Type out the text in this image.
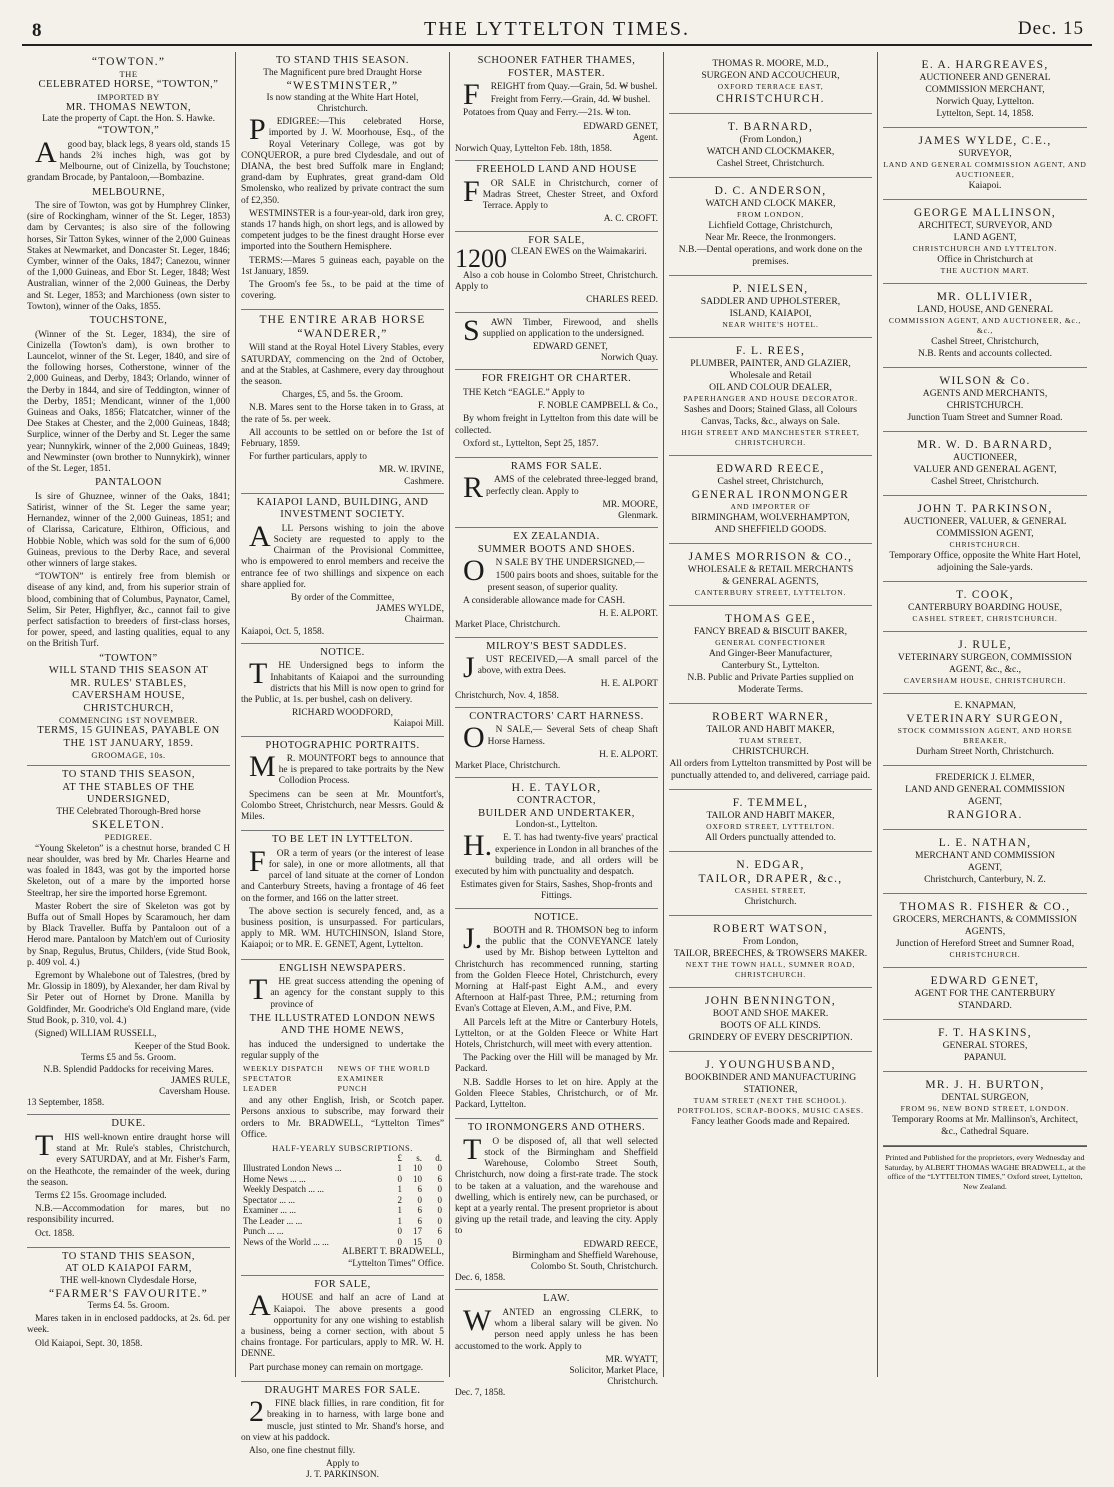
8	THE LYTTELTON TIMES.	Dec. 15
“TOWTON.”
THE
CELEBRATED HORSE, “TOWTON,”
IMPORTED BY
MR. THOMAS NEWTON,
Late the property of Capt. the Hon. S. Hawke.
“TOWTON,”
Agood bay, black legs, 8 years old, stands 15 hands 2¾ inches high, was got by Melbourne, out of Cinizella, by Touchstone; grandam Brocade, by Pantaloon,—Bombazine.
MELBOURNE,
The sire of Towton, was got by Humphrey Clinker, (sire of Rockingham, winner of the St. Leger, 1853) dam by Cervantes; is also sire of the following horses, Sir Tatton Sykes, winner of the 2,000 Guineas Stakes at Newmarket, and Doncaster St. Leger, 1846; Cymber, winner of the Oaks, 1847; Canezou, winner of the 1,000 Guineas, and Ebor St. Leger, 1848; West Australian, winner of the 2,000 Guineas, the Derby and St. Leger, 1853; and Marchioness (own sister to Towton), winner of the Oaks, 1855.
TOUCHSTONE,
(Winner of the St. Leger, 1834), the sire of Cinizella (Towton's dam), is own brother to Launcelot, winner of the St. Leger, 1840, and sire of the following horses, Cotherstone, winner of the 2,000 Guineas, and Derby, 1843; Orlando, winner of the Derby in 1844, and sire of Teddington, winner of the Derby, 1851; Mendicant, winner of the 1,000 Guineas and Oaks, 1856; Flatcatcher, winner of the Dee Stakes at Chester, and the 2,000 Guineas, 1848; Surplice, winner of the Derby and St. Leger the same year; Nunnykirk, winner of the 2,000 Guineas, 1849; and Newminster (own brother to Nunnykirk), winner of the St. Leger, 1851.
PANTALOON
Is sire of Ghuznee, winner of the Oaks, 1841; Satirist, winner of the St. Leger the same year; Hernandez, winner of the 2,000 Guineas, 1851; and of Clarissa, Caricature, Elthiron, Officious, and Hobbie Noble, which was sold for the sum of 6,000 Guineas, previous to the Derby Race, and several other winners of large stakes.
“TOWTON” is entirely free from blemish or disease of any kind, and, from his superior strain of blood, combining that of Columbus, Paynator, Camel, Selim, Sir Peter, Highflyer, &c., cannot fail to give perfect satisfaction to breeders of first-class horses, for power, speed, and lasting qualities, equal to any on the British Turf.
“TOWTON”
WILL STAND THIS SEASON AT
MR. RULES' STABLES,
CAVERSHAM HOUSE, CHRISTCHURCH,
COMMENCING 1ST NOVEMBER.
TERMS, 15 GUINEAS, PAYABLE ON
THE 1ST JANUARY, 1859.
GROOMAGE, 10s.
TO STAND THIS SEASON,
AT THE STABLES OF THE
UNDERSIGNED,
THE Celebrated Thorough-Bred horse
SKELETON.
PEDIGREE.
“Young Skeleton” is a chestnut horse, branded C H near shoulder, was bred by Mr. Charles Hearne and was foaled in 1843, was got by the imported horse Skeleton, out of a mare by the imported horse Steeltrap, her sire the imported horse Egremont.
Master Robert the sire of Skeleton was got by Buffa out of Small Hopes by Scaramouch, her dam by Black Traveller. Buffa by Pantaloon out of a Herod mare. Pantaloon by Match'em out of Curiosity by Snap, Regulus, Brutus, Childers, (vide Stud Book, p. 409 vol. 4.)
Egremont by Whalebone out of Talestres, (bred by Mr. Glossip in 1809), by Alexander, her dam Rival by Sir Peter out of Hornet by Drone. Manilla by Goldfinder, Mr. Goodriche's Old England mare, (vide Stud Book, p. 310, vol. 4.)
(Signed) WILLIAM RUSSELL,
Keeper of the Stud Book.
Terms £5 and 5s. Groom.
N.B. Splendid Paddocks for receiving Mares.
JAMES RULE,
Caversham House.
13 September, 1858.
DUKE.
THIS well-known entire draught horse will stand at Mr. Rule's stables, Christchurch, every SATURDAY, and at Mr. Fisher's Farm, on the Heathcote, the remainder of the week, during the season.
Terms £2 15s. Groomage included.
N.B.—Accommodation for mares, but no responsibility incurred.
Oct. 1858.
TO STAND THIS SEASON,
AT OLD KAIAPOI FARM,
THE well-known Clydesdale Horse,
“FARMER'S FAVOURITE.”
Terms £4. 5s. Groom.
Mares taken in in enclosed paddocks, at 2s. 6d. per week.
Old Kaiapoi, Sept. 30, 1858.
TO STAND THIS SEASON.
The Magnificent pure bred Draught Horse
“WESTMINSTER,”
Is now standing at the White Hart Hotel, Christchurch.
PEDIGREE:—This celebrated Horse, imported by J. W. Moorhouse, Esq., of the Royal Veterinary College, was got by CONQUEROR, a pure bred Clydesdale, and out of DIANA, the best bred Suffolk mare in England; grand-dam by Euphrates, great grand-dam Old Smolensko, who realized by private contract the sum of £2,350.
WESTMINSTER is a four-year-old, dark iron grey, stands 17 hands high, on short legs, and is allowed by competent judges to be the finest draught Horse ever imported into the Southern Hemisphere.
TERMS:—Mares 5 guineas each, payable on the 1st January, 1859.
The Groom's fee 5s., to be paid at the time of covering.
THE ENTIRE ARAB HORSE
“WANDERER,”
Will stand at the Royal Hotel Livery Stables, every SATURDAY, commencing on the 2nd of October, and at the Stables, at Cashmere, every day throughout the season.
Charges, £5, and 5s. the Groom.
N.B. Mares sent to the Horse taken in to Grass, at the rate of 5s. per week.
All accounts to be settled on or before the 1st of February, 1859.
For further particulars, apply to
MR. W. IRVINE,
Cashmere.
KAIAPOI LAND, BUILDING, AND
INVESTMENT SOCIETY.
ALL Persons wishing to join the above Society are requested to apply to the Chairman of the Provisional Committee, who is empowered to enrol members and receive the entrance fee of two shillings and sixpence on each share applied for.
By order of the Committee,
JAMES WYLDE,
Chairman.
Kaiapoi, Oct. 5, 1858.
NOTICE.
THE Undersigned begs to inform the Inhabitants of Kaiapoi and the surrounding districts that his Mill is now open to grind for the Public, at 1s. per bushel, cash on delivery.
RICHARD WOODFORD,
Kaiapoi Mill.
PHOTOGRAPHIC PORTRAITS.
MR. MOUNTFORT begs to announce that he is prepared to take portraits by the New Collodion Process.
Specimens can be seen at Mr. Mountfort's, Colombo Street, Christchurch, near Messrs. Gould & Miles.
TO BE LET IN LYTTELTON.
FOR a term of years (or the interest of lease for sale), in one or more allotments, all that parcel of land situate at the corner of London and Canterbury Streets, having a frontage of 46 feet on the former, and 166 on the latter street.
The above section is securely fenced, and, as a business position, is unsurpassed. For particulars, apply to MR. WM. HUTCHINSON, Island Store, Kaiapoi; or to MR. E. GENET, Agent, Lyttelton.
ENGLISH NEWSPAPERS.
THE great success attending the opening of an agency for the constant supply to this province of
THE ILLUSTRATED LONDON NEWS
AND THE HOME NEWS,
has induced the undersigned to undertake the regular supply of the
WEEKLY DISPATCH	NEWS OF THE WORLD
SPECTATOR	EXAMINER
LEADER	PUNCH
and any other English, Irish, or Scotch paper. Persons anxious to subscribe, may forward their orders to Mr. BRADWELL, “Lyttelton Times” Office.
HALF-YEARLY SUBSCRIPTIONS.
	£	s.	d.
Illustrated London News ...	1	10	0
Home News ... ...	0	10	6
Weekly Despatch ... ...	1	6	0
Spectator ... ...	2	0	0
Examiner ... ...	1	6	0
The Leader ... ...	1	6	0
Punch ... ...	0	17	6
News of the World ... ...	0	15	0
ALBERT T. BRADWELL,
“Lyttelton Times” Office.
FOR SALE,
AHOUSE and half an acre of Land at Kaiapoi. The above presents a good opportunity for any one wishing to establish a business, being a corner section, with about 5 chains frontage. For particulars, apply to MR. W. H. DENNE.
Part purchase money can remain on mortgage.
DRAUGHT MARES FOR SALE.
2FINE black fillies, in rare condition, fit for breaking in to harness, with large bone and muscle, just stinted to Mr. Shand's horse, and on view at his paddock.
Also, one fine chestnut filly.
Apply to
J. T. PARKINSON.
SCHOONER FATHER THAMES,
FOSTER, MASTER.
FREIGHT from Quay.—Grain, 5d. ₩ bushel.
Freight from Ferry.—Grain, 4d. ₩ bushel.
Potatoes from Quay and Ferry.—21s. ₩ ton.
EDWARD GENET,
Agent.
Norwich Quay, Lyttelton Feb. 18th, 1858.
FREEHOLD LAND AND HOUSE
FOR SALE in Christchurch, corner of Madras Street, Chester Street, and Oxford Terrace. Apply to
A. C. CROFT.
FOR SALE,
1200 CLEAN EWES on the Waimakariri.
Also a cob house in Colombo Street, Christchurch. Apply to
CHARLES REED.
SAWN Timber, Firewood, and shells supplied on application to the undersigned.
EDWARD GENET,
Norwich Quay.
FOR FREIGHT OR CHARTER.
THE Ketch “EAGLE.” Apply to
F. NOBLE CAMPBELL & Co.,
By whom freight in Lyttelton from this date will be collected.
Oxford st., Lyttelton, Sept 25, 1857.
RAMS FOR SALE.
RAMS of the celebrated three-legged brand, perfectly clean. Apply to
MR. MOORE,
Glenmark.
EX ZEALANDIA.
SUMMER BOOTS AND SHOES.
ON SALE BY THE UNDERSIGNED,—
1500 pairs boots and shoes, suitable for the present season, of superior quality.
A considerable allowance made for CASH.
H. E. ALPORT.
Market Place, Christchurch.
MILROY'S BEST SADDLES.
JUST RECEIVED,—A small parcel of the above, with extra Dees.
H. E. ALPORT
Christchurch, Nov. 4, 1858.
CONTRACTORS' CART HARNESS.
ON SALE,— Several Sets of cheap Shaft Horse Harness.
H. E. ALPORT.
Market Place, Christchurch.
H. E. TAYLOR,
CONTRACTOR,
BUILDER AND UNDERTAKER,
London-st., Lyttelton.
H.E. T. has had twenty-five years' practical experience in London in all branches of the building trade, and all orders will be executed by him with punctuality and despatch.
Estimates given for Stairs, Sashes, Shop-fronts and Fittings.
NOTICE.
J.BOOTH and R. THOMSON beg to inform the public that the CONVEYANCE lately used by Mr. Bishop between Lyttelton and Christchurch has recommenced running, starting from the Golden Fleece Hotel, Christchurch, every Morning at Half-past Eight A.M., and every Afternoon at Half-past Three, P.M.; returning from Evan's Cottage at Eleven, A.M., and Five, P.M.
All Parcels left at the Mitre or Canterbury Hotels, Lyttelton, or at the Golden Fleece or White Hart Hotels, Christchurch, will meet with every attention.
The Packing over the Hill will be managed by Mr. Packard.
N.B. Saddle Horses to let on hire. Apply at the Golden Fleece Stables, Christchurch, or of Mr. Packard, Lyttelton.
TO IRONMONGERS AND OTHERS.
TO be disposed of, all that well selected stock of the Birmingham and Sheffield Warehouse, Colombo Street South, Christchurch, now doing a first-rate trade. The stock to be taken at a valuation, and the warehouse and dwelling, which is entirely new, can be purchased, or kept at a yearly rental. The present proprietor is about giving up the retail trade, and leaving the city. Apply to
EDWARD REECE,
Birmingham and Sheffield Warehouse,
Colombo St. South, Christchurch.
Dec. 6, 1858.
LAW.
WANTED an engrossing CLERK, to whom a liberal salary will be given. No person need apply unless he has been accustomed to the work. Apply to
MR. WYATT,
Solicitor, Market Place,
Christchurch.
Dec. 7, 1858.
THOMAS R. MOORE, M.D.,
SURGEON AND ACCOUCHEUR,
OXFORD TERRACE EAST,
CHRISTCHURCH.
T. BARNARD,
(From London,)
WATCH AND CLOCKMAKER,
Cashel Street, Christchurch.
D. C. ANDERSON,
WATCH AND CLOCK MAKER,
FROM LONDON,
Lichfield Cottage, Christchurch,
Near Mr. Reece, the Ironmongers.
N.B.—Dental operations, and work done on the premises.
P. NIELSEN,
SADDLER AND UPHOLSTERER,
ISLAND, KAIAPOI,
NEAR WHITE'S HOTEL.
F. L. REES,
PLUMBER, PAINTER, AND GLAZIER,
Wholesale and Retail
OIL AND COLOUR DEALER,
PAPERHANGER AND HOUSE DECORATOR.
Sashes and Doors; Stained Glass, all Colours Canvas, Tacks, &c., always on Sale.
HIGH STREET AND MANCHESTER STREET, CHRISTCHURCH.
EDWARD REECE,
Cashel street, Christchurch,
GENERAL IRONMONGER
AND IMPORTER OF
BIRMINGHAM, WOLVERHAMPTON,
AND SHEFFIELD GOODS.
JAMES MORRISON & CO.,
WHOLESALE & RETAIL MERCHANTS
& GENERAL AGENTS,
CANTERBURY STREET, LYTTELTON.
THOMAS GEE,
FANCY BREAD & BISCUIT BAKER,
GENERAL CONFECTIONER
And Ginger-Beer Manufacturer,
Canterbury St., Lyttelton.
N.B. Public and Private Parties supplied on Moderate Terms.
ROBERT WARNER,
TAILOR AND HABIT MAKER,
TUAM STREET,
CHRISTCHURCH.
All orders from Lyttelton transmitted by Post will be punctually attended to, and delivered, carriage paid.
F. TEMMEL,
TAILOR AND HABIT MAKER,
OXFORD STREET, LYTTELTON.
All Orders punctually attended to.
N. EDGAR,
TAILOR, DRAPER, &c.,
CASHEL STREET,
Christchurch.
ROBERT WATSON,
From London,
TAILOR, BREECHES, & TROWSERS MAKER.
NEXT THE TOWN HALL, SUMNER ROAD, CHRISTCHURCH.
JOHN BENNINGTON,
BOOT AND SHOE MAKER.
BOOTS OF ALL KINDS.
GRINDERY OF EVERY DESCRIPTION.
J. YOUNGHUSBAND,
BOOKBINDER AND MANUFACTURING STATIONER,
TUAM STREET (NEXT THE SCHOOL).
PORTFOLIOS, SCRAP-BOOKS, MUSIC CASES.
Fancy leather Goods made and Repaired.
E. A. HARGREAVES,
AUCTIONEER AND GENERAL
COMMISSION MERCHANT,
Norwich Quay, Lyttelton.
Lyttelton, Sept. 14, 1858.
JAMES WYLDE, C.E.,
SURVEYOR,
LAND AND GENERAL COMMISSION AGENT, AND AUCTIONEER,
Kaiapoi.
GEORGE MALLINSON,
ARCHITECT, SURVEYOR, AND
LAND AGENT,
CHRISTCHURCH AND LYTTELTON.
Office in Christchurch at
THE AUCTION MART.
MR. OLLIVIER,
LAND, HOUSE, AND GENERAL
COMMISSION AGENT, AND AUCTIONEER, &c., &c.,
Cashel Street, Christchurch,
N.B. Rents and accounts collected.
WILSON & Co.
AGENTS AND MERCHANTS,
CHRISTCHURCH.
Junction Tuam Street and Sumner Road.
MR. W. D. BARNARD,
AUCTIONEER,
VALUER AND GENERAL AGENT,
Cashel Street, Christchurch.
JOHN T. PARKINSON,
AUCTIONEER, VALUER, & GENERAL
COMMISSION AGENT,
CHRISTCHURCH.
Temporary Office, opposite the White Hart Hotel, adjoining the Sale-yards.
T. COOK,
CANTERBURY BOARDING HOUSE,
CASHEL STREET, CHRISTCHURCH.
J. RULE,
VETERINARY SURGEON, COMMISSION
AGENT, &c., &c.,
CAVERSHAM HOUSE, CHRISTCHURCH.
E. KNAPMAN,
VETERINARY SURGEON,
STOCK COMMISSION AGENT, AND HORSE BREAKER,
Durham Street North, Christchurch.
FREDERICK J. ELMER,
LAND AND GENERAL COMMISSION
AGENT,
RANGIORA.
L. E. NATHAN,
MERCHANT AND COMMISSION
AGENT,
Christchurch, Canterbury, N. Z.
THOMAS R. FISHER & CO.,
GROCERS, MERCHANTS, & COMMISSION AGENTS,
Junction of Hereford Street and Sumner Road,
CHRISTCHURCH.
EDWARD GENET,
AGENT FOR THE CANTERBURY
STANDARD.
F. T. HASKINS,
GENERAL STORES,
PAPANUI.
MR. J. H. BURTON,
DENTAL SURGEON,
FROM 96, NEW BOND STREET, LONDON.
Temporary Rooms at Mr. Mallinson's, Architect, &c., Cathedral Square.
Printed and Published for the proprietors, every Wednesday and Saturday, by ALBERT THOMAS WAGHE BRADWELL, at the office of the “LYTTELTON TIMES,” Oxford street, Lyttelton, New Zealand.
